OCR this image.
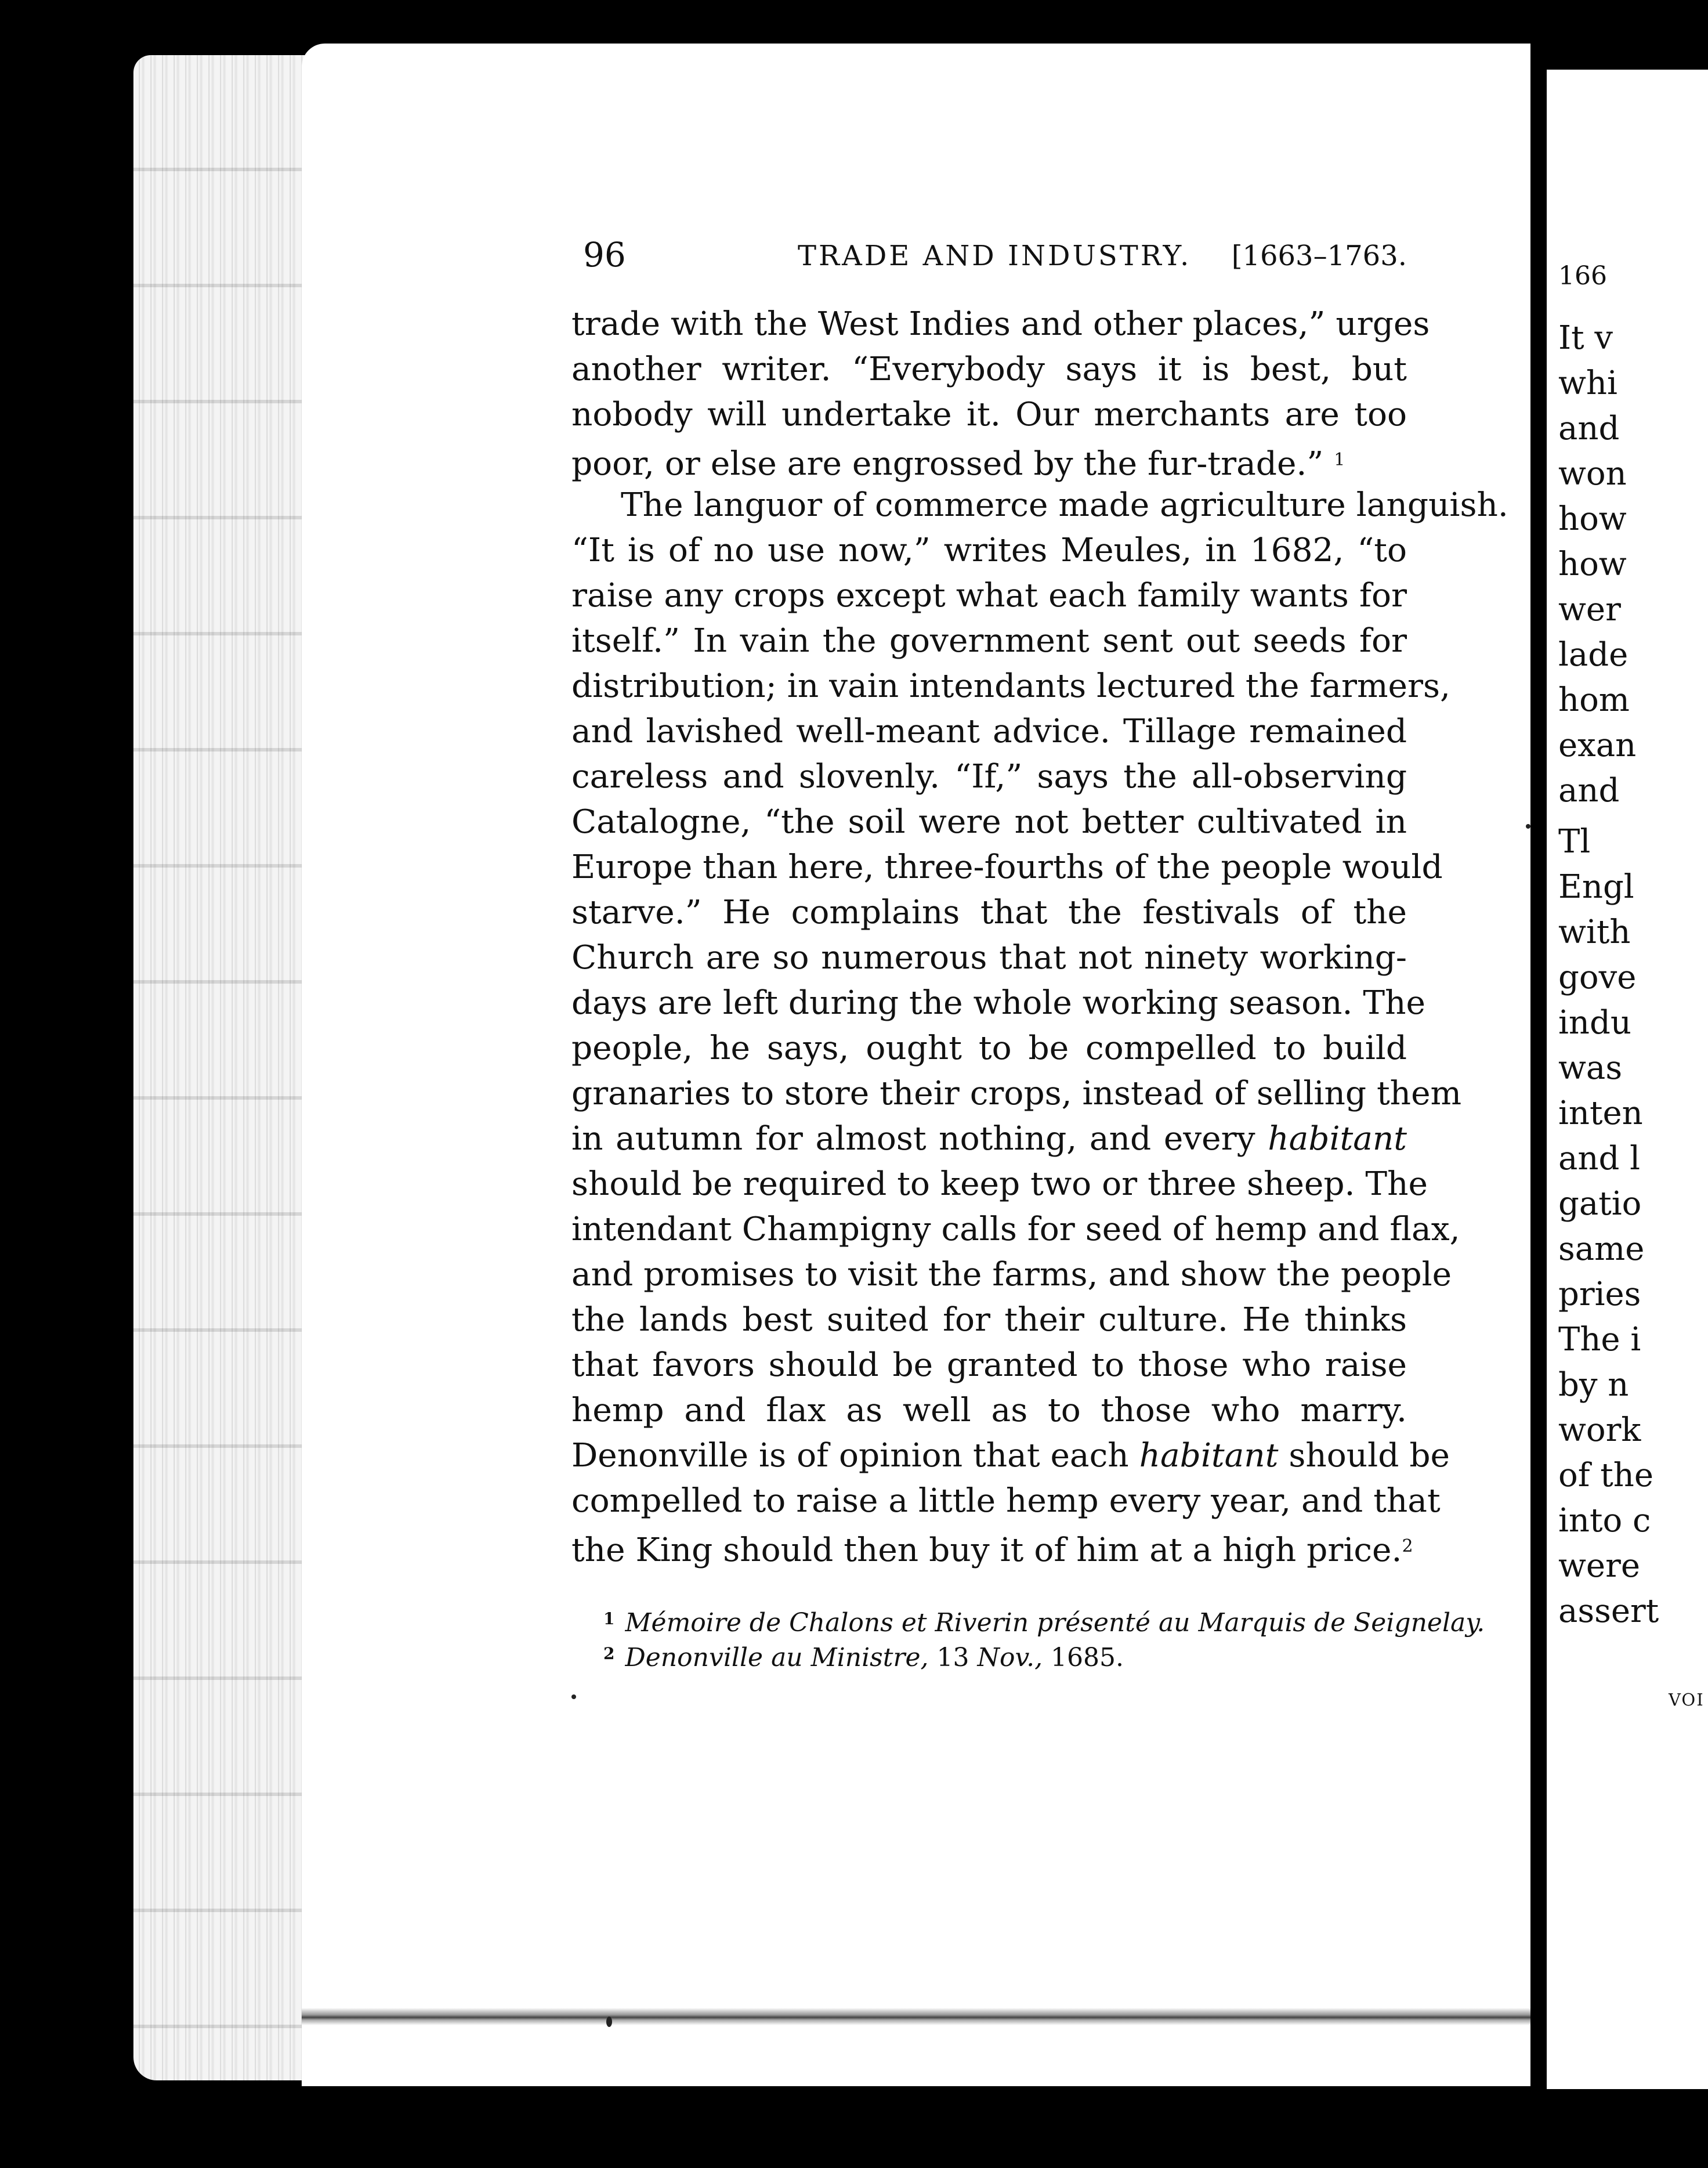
166
It v
whi
and
won
how
how
wer
lade
hom
exan
and
Tl
Engl
with
gove
indu
was
inten
and l
gatio
same
pries
The i
by n
work
of the
into c
were
assert
voi
96	TRADE AND INDUSTRY. [1663–1763.
trade with the West Indies and other places,” urges
another writer. “Everybody says it is best, but
nobody will undertake it. Our merchants are too
poor, or else are engrossed by the fur-trade.” $^1$
The languor of commerce made agriculture languish.
“It is of no use now,” writes Meules, in 1682, “to
raise any crops except what each family wants for
itself.” In vain the government sent out seeds for
distribution; in vain intendants lectured the farmers,
and lavished well-meant advice. Tillage remained
careless and slovenly. “If,” says the all-observing
Catalogne, “the soil were not better cultivated in
Europe than here, three-fourths of the people would
starve.” He complains that the festivals of the
Church are so numerous that not ninety working-
days are left during the whole working season. The
people, he says, ought to be compelled to build
granaries to store their crops, instead of selling them
in autumn for almost nothing, and every habitant
should be required to keep two or three sheep. The
intendant Champigny calls for seed of hemp and flax,
and promises to visit the farms, and show the people
the lands best suited for their culture. He thinks
that favors should be granted to those who raise
hemp and flax as well as to those who marry.
Denonville is of opinion that each habitant should be
compelled to raise a little hemp every year, and that
the King should then buy it of him at a high price.$^2$
$^1$ Mémoire de Chalons et Riverin présenté au Marquis de Seignelay.
$^2$ Denonville au Ministre, 13 Nov., 1685.
